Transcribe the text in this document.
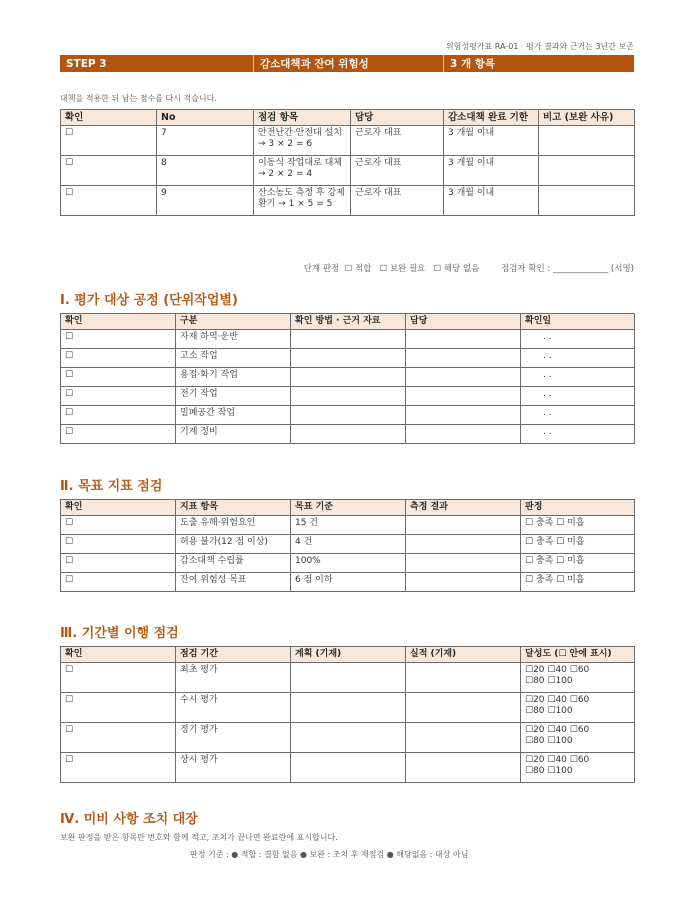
위험성평가표 RA-01 · 평가 결과와 근거는 3년간 보존
STEP 3	감소대책과 잔여 위험성	3 개 항목
대책을 적용한 뒤 남는 점수를 다시 적습니다.
확인	No	점검 항목	담당	감소대책 완료 기한	비고 (보완 사유)
☐	7	안전난간·안전대 설치 → 3 × 2 = 6	근로자 대표	3 개월 이내	
☐	8	이동식 작업대로 대체 → 2 × 2 = 4	근로자 대표	3 개월 이내	
☐	9	산소농도 측정 후 강제환기 → 1 × 5 = 5	근로자 대표	3 개월 이내	
단계 판정  ☐ 적합   ☐ 보완 필요   ☐ 해당 없음        점검자 확인 : _____________ (서명)
Ⅰ. 평가 대상 공정 (단위작업별)
확인	구분	확인 방법 · 근거 자료	담당	확인일
☐	자재 하역·운반			. .
☐	고소 작업			. .
☐	용접·화기 작업			. .
☐	전기 작업			. .
☐	밀폐공간 작업			. .
☐	기계 정비			. .
Ⅱ. 목표 지표 점검
확인	지표 항목	목표 기준	측정 결과	판정
☐	도출 유해·위험요인	15 건		☐ 충족 ☐ 미흡
☐	허용 불가(12 점 이상)	4 건		☐ 충족 ☐ 미흡
☐	감소대책 수립률	100%		☐ 충족 ☐ 미흡
☐	잔여 위험성 목표	6 점 이하		☐ 충족 ☐ 미흡
Ⅲ. 기간별 이행 점검
확인	점검 기간	계획 (기재)	실적 (기재)	달성도 (☐ 안에 표시)
☐	최초 평가			☐20 ☐40 ☐60
☐80 ☐100

☐	수시 평가			☐20 ☐40 ☐60
☐80 ☐100

☐	정기 평가			☐20 ☐40 ☐60
☐80 ☐100

☐	상시 평가			☐20 ☐40 ☐60
☐80 ☐100
Ⅳ. 미비 사항 조치 대장
보완 판정을 받은 항목만 번호와 함께 적고, 조치가 끝나면 완료란에 표시합니다.
판정 기준 : ● 적합 : 결함 없음 ● 보완 : 조치 후 재점검 ● 해당없음 : 대상 아님
